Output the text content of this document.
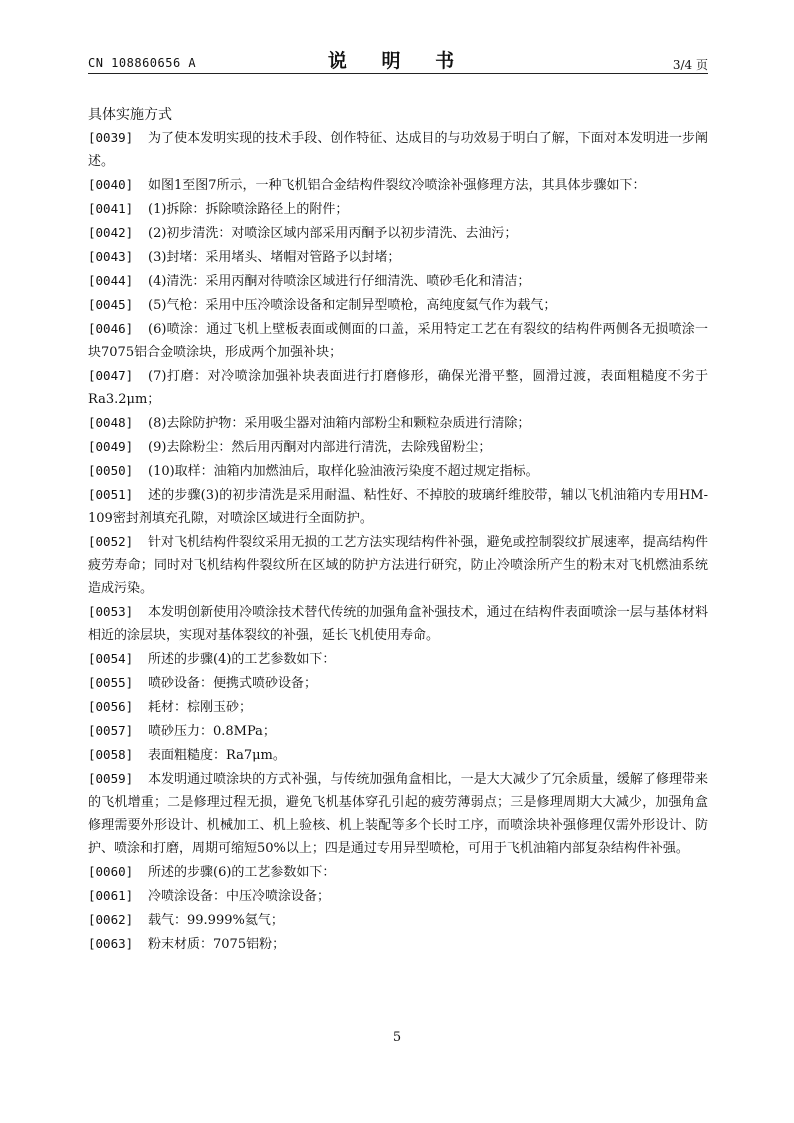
CN 108860656 A	说 明 书	3/4 页
具体实施方式
[0039] 为了使本发明实现的技术手段、创作特征、达成目的与功效易于明白了解，下面对本发明进一步阐述。
[0040] 如图1至图7所示，一种飞机铝合金结构件裂纹冷喷涂补强修理方法，其具体步骤如下：
[0041] (1)拆除：拆除喷涂路径上的附件；
[0042] (2)初步清洗：对喷涂区域内部采用丙酮予以初步清洗、去油污；
[0043] (3)封堵：采用堵头、堵帽对管路予以封堵；
[0044] (4)清洗：采用丙酮对待喷涂区域进行仔细清洗、喷砂毛化和清洁；
[0045] (5)气枪：采用中压冷喷涂设备和定制异型喷枪，高纯度氦气作为载气；
[0046] (6)喷涂：通过飞机上壁板表面或侧面的口盖，采用特定工艺在有裂纹的结构件两侧各无损喷涂一块7075铝合金喷涂块，形成两个加强补块；
[0047] (7)打磨：对冷喷涂加强补块表面进行打磨修形，确保光滑平整，圆滑过渡，表面粗糙度不劣于Ra3.2μm；
[0048] (8)去除防护物：采用吸尘器对油箱内部粉尘和颗粒杂质进行清除；
[0049] (9)去除粉尘：然后用丙酮对内部进行清洗，去除残留粉尘；
[0050] (10)取样：油箱内加燃油后，取样化验油液污染度不超过规定指标。
[0051] 述的步骤(3)的初步清洗是采用耐温、粘性好、不掉胶的玻璃纤维胶带，辅以飞机油箱内专用HM-109密封剂填充孔隙，对喷涂区域进行全面防护。
[0052] 针对飞机结构件裂纹采用无损的工艺方法实现结构件补强，避免或控制裂纹扩展速率，提高结构件疲劳寿命；同时对飞机结构件裂纹所在区域的防护方法进行研究，防止冷喷涂所产生的粉末对飞机燃油系统造成污染。
[0053] 本发明创新使用冷喷涂技术替代传统的加强角盒补强技术，通过在结构件表面喷涂一层与基体材料相近的涂层块，实现对基体裂纹的补强，延长飞机使用寿命。
[0054] 所述的步骤(4)的工艺参数如下：
[0055] 喷砂设备：便携式喷砂设备；
[0056] 耗材：棕刚玉砂；
[0057] 喷砂压力：0.8MPa；
[0058] 表面粗糙度：Ra7μm。
[0059] 本发明通过喷涂块的方式补强，与传统加强角盒相比，一是大大减少了冗余质量，缓解了修理带来的飞机增重；二是修理过程无损，避免飞机基体穿孔引起的疲劳薄弱点；三是修理周期大大减少，加强角盒修理需要外形设计、机械加工、机上验核、机上装配等多个长时工序，而喷涂块补强修理仅需外形设计、防护、喷涂和打磨，周期可缩短50%以上；四是通过专用异型喷枪，可用于飞机油箱内部复杂结构件补强。
[0060] 所述的步骤(6)的工艺参数如下：
[0061] 冷喷涂设备：中压冷喷涂设备；
[0062] 载气：99.999%氦气；
[0063] 粉末材质：7075铝粉；
5
